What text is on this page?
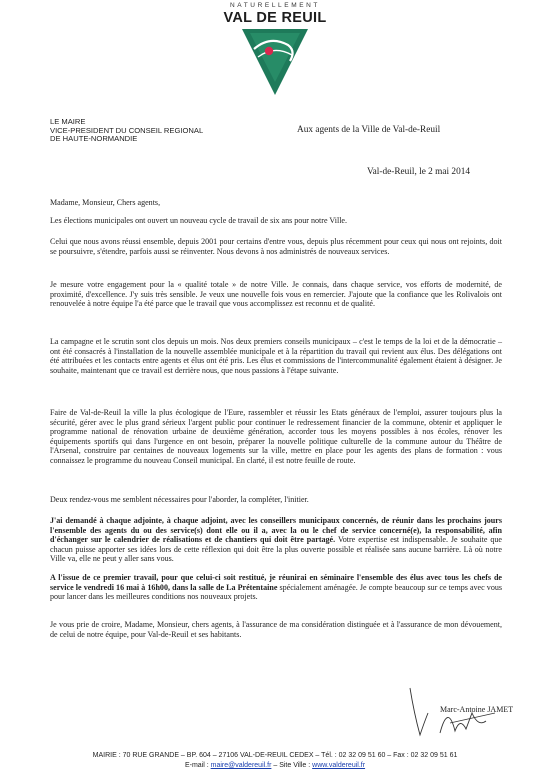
NATURELLEMENT
VAL DE REUIL
LE MAIRE
VICE-PRESIDENT DU CONSEIL REGIONAL
DE HAUTE-NORMANDIE
Aux agents de la Ville de Val-de-Reuil
Val-de-Reuil, le 2 mai 2014

Madame, Monsieur, Chers agents,

Les élections municipales ont ouvert un nouveau cycle de travail de six ans pour notre Ville.

Celui que nous avons réussi ensemble, depuis 2001 pour certains d'entre vous, depuis plus récemment pour ceux qui nous ont rejoints, doit se poursuivre, s'étendre, parfois aussi se réinventer. Nous devons à nos administrés de nouveaux services.

Je mesure votre engagement pour la « qualité totale » de notre Ville. Je connais, dans chaque service, vos efforts de modernité, de proximité, d'excellence. J'y suis très sensible. Je veux une nouvelle fois vous en remercier. J'ajoute que la confiance que les Rolivalois ont renouvelée à notre équipe l'a été parce que le travail que vous accomplissez est reconnu et de qualité.

La campagne et le scrutin sont clos depuis un mois. Nos deux premiers conseils municipaux – c'est le temps de la loi et de la démocratie – ont été consacrés à l'installation de la nouvelle assemblée municipale et à la répartition du travail qui revient aux élus. Des délégations ont été attribuées et les contacts entre agents et élus ont été pris. Les élus et commissions de l'intercommunalité également étaient à désigner. Je souhaite, maintenant que ce travail est derrière nous, que nous passions à l'étape suivante.

Faire de Val-de-Reuil la ville la plus écologique de l'Eure, rassembler et réussir les Etats généraux de l'emploi, assurer toujours plus la sécurité, gérer avec le plus grand sérieux l'argent public pour continuer le redressement financier de la commune, obtenir et appliquer le programme national de rénovation urbaine de deuxième génération, accorder tous les moyens possibles à nos écoles, rénover les équipements sportifs qui dans l'urgence en ont besoin, préparer la nouvelle politique culturelle de la commune autour du Théâtre de l'Arsenal, construire par centaines de nouveaux logements sur la ville, mettre en place pour les agents des plans de formation : vous connaissez le programme du nouveau Conseil municipal. En clarté, il est notre feuille de route.

Deux rendez-vous me semblent nécessaires pour l'aborder, la compléter, l'initier.

J'ai demandé à chaque adjointe, à chaque adjoint, avec les conseillers municipaux concernés, de réunir dans les prochains jours l'ensemble des agents du ou des service(s) dont elle ou il a, avec la ou le chef de service concerné(e), la responsabilité, afin d'échanger sur le calendrier de réalisations et de chantiers qui doit être partagé. Votre expertise est indispensable. Je souhaite que chacun puisse apporter ses idées lors de cette réflexion qui doit être la plus ouverte possible et réalisée sans aucune barrière. Là où notre Ville va, elle ne peut y aller sans vous.

A l'issue de ce premier travail, pour que celui-ci soit restitué, je réunirai en séminaire l'ensemble des élus avec tous les chefs de service le vendredi 16 mai à 16h00, dans la salle de La Prétentaine spécialement aménagée. Je compte beaucoup sur ce temps avec vous pour lancer dans les meilleures conditions nos nouveaux projets.

Je vous prie de croire, Madame, Monsieur, chers agents, à l'assurance de ma considération distinguée et à l'assurance de mon dévouement, de celui de notre équipe, pour Val-de-Reuil et ses habitants.

Marc-Antoine JAMET
MAIRIE : 70 RUE GRANDE – BP. 604 – 27106 VAL-DE-REUIL CEDEX – Tél. : 02 32 09 51 60 – Fax : 02 32 09 51 61
E-mail : maire@valdereuil.fr – Site Ville : www.valdereuil.fr
